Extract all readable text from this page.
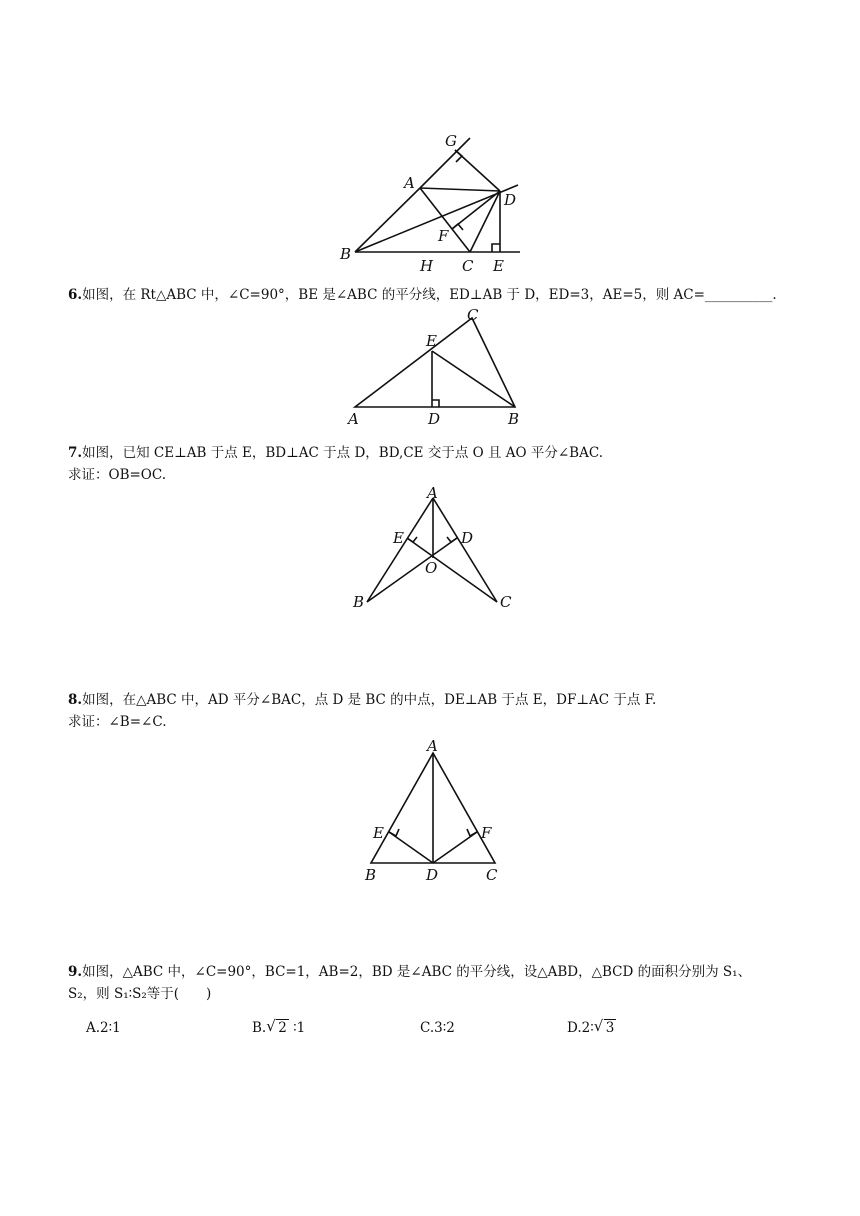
G
A
D
B
F
H C E
6.如图，在 Rt△ABC 中，∠C=90°，BE 是∠ABC 的平分线，ED⊥AB 于 D，ED=3，AE=5，则 AC=__________.
C
E
A	D	B
7.如图，已知 CE⊥AB 于点 E，BD⊥AC 于点 D，BD,CE 交于点 O 且 AO 平分∠BAC.
求证：OB=OC.
A
E	D
O
B	C
8.如图，在△ABC 中，AD 平分∠BAC，点 D 是 BC 的中点，DE⊥AB 于点 E，DF⊥AC 于点 F.
求证：∠B=∠C.
A
E	F
B	D	C
9.如图，△ABC 中，∠C=90°，BC=1，AB=2，BD 是∠ABC 的平分线，设△ABD，△BCD 的面积分别为 S₁、
S₂，则 S₁∶S₂等于(　　)
A.2∶1	B. √ 2 ∶1	C.3∶2	D.2∶ √ 3
